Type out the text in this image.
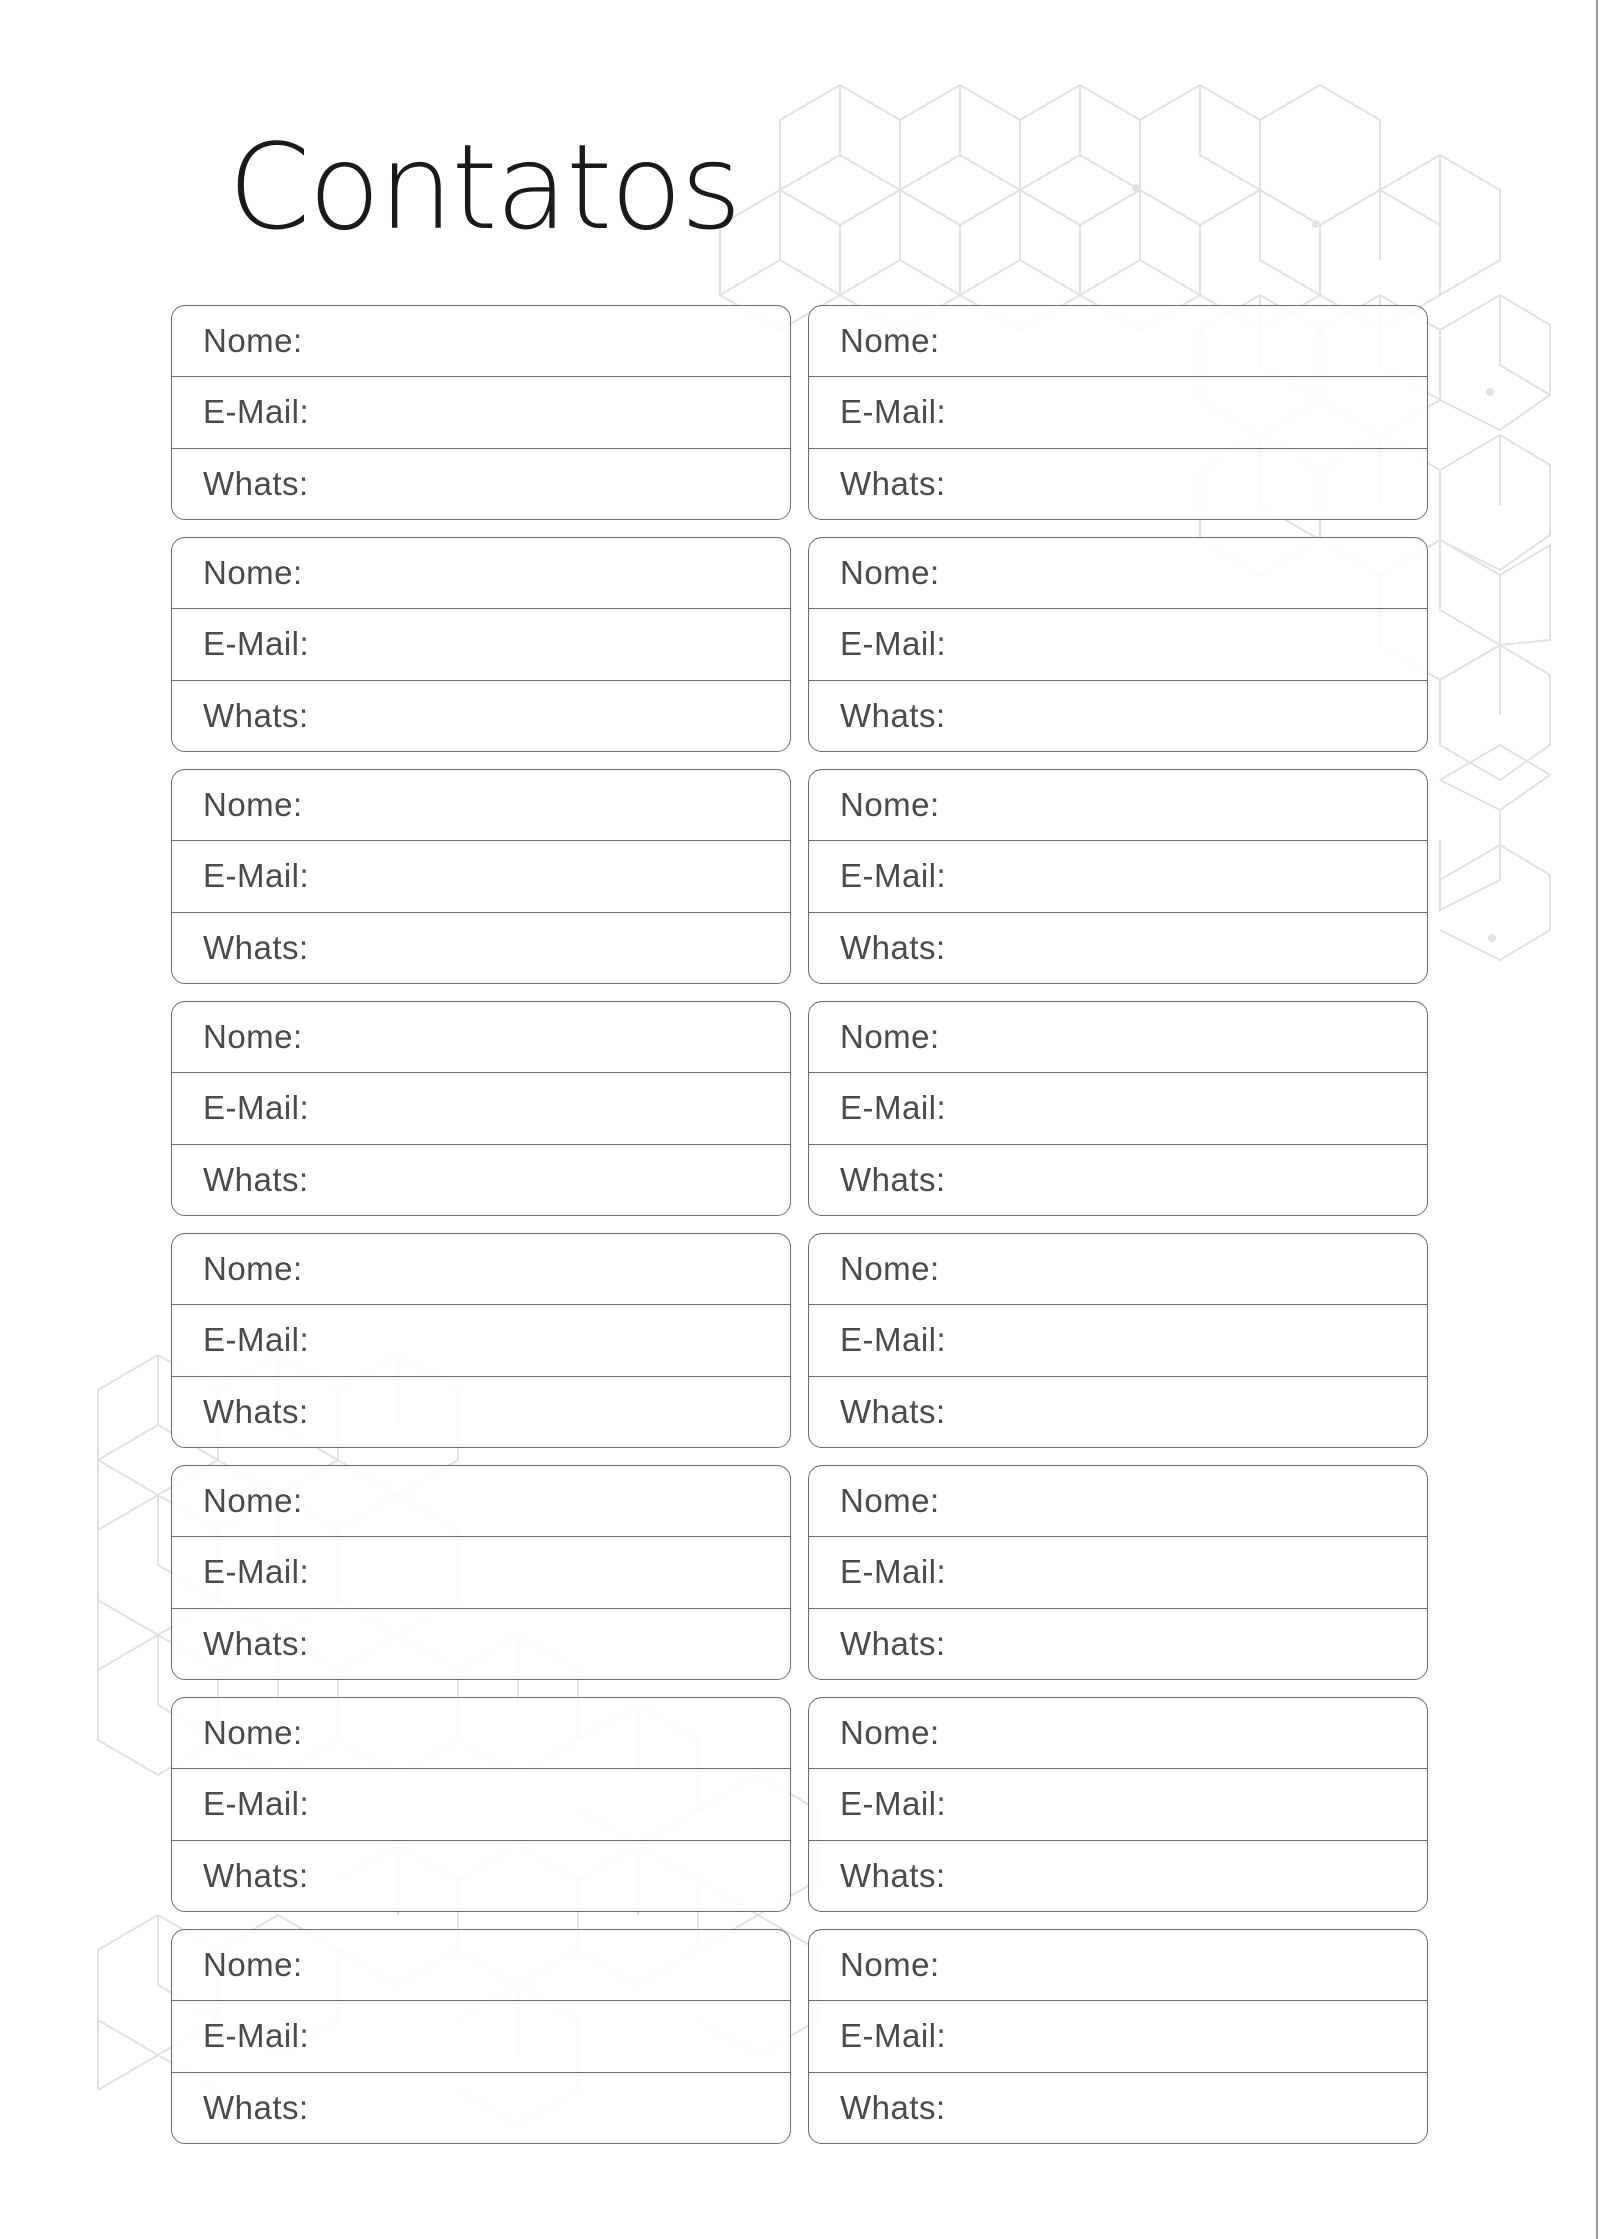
Contatos
Nome:
E-Mail:
Whats:
Nome:
E-Mail:
Whats:
Nome:
E-Mail:
Whats:
Nome:
E-Mail:
Whats:
Nome:
E-Mail:
Whats:
Nome:
E-Mail:
Whats:
Nome:
E-Mail:
Whats:
Nome:
E-Mail:
Whats:
Nome:
E-Mail:
Whats:
Nome:
E-Mail:
Whats:
Nome:
E-Mail:
Whats:
Nome:
E-Mail:
Whats:
Nome:
E-Mail:
Whats:
Nome:
E-Mail:
Whats:
Nome:
E-Mail:
Whats:
Nome:
E-Mail:
Whats:
